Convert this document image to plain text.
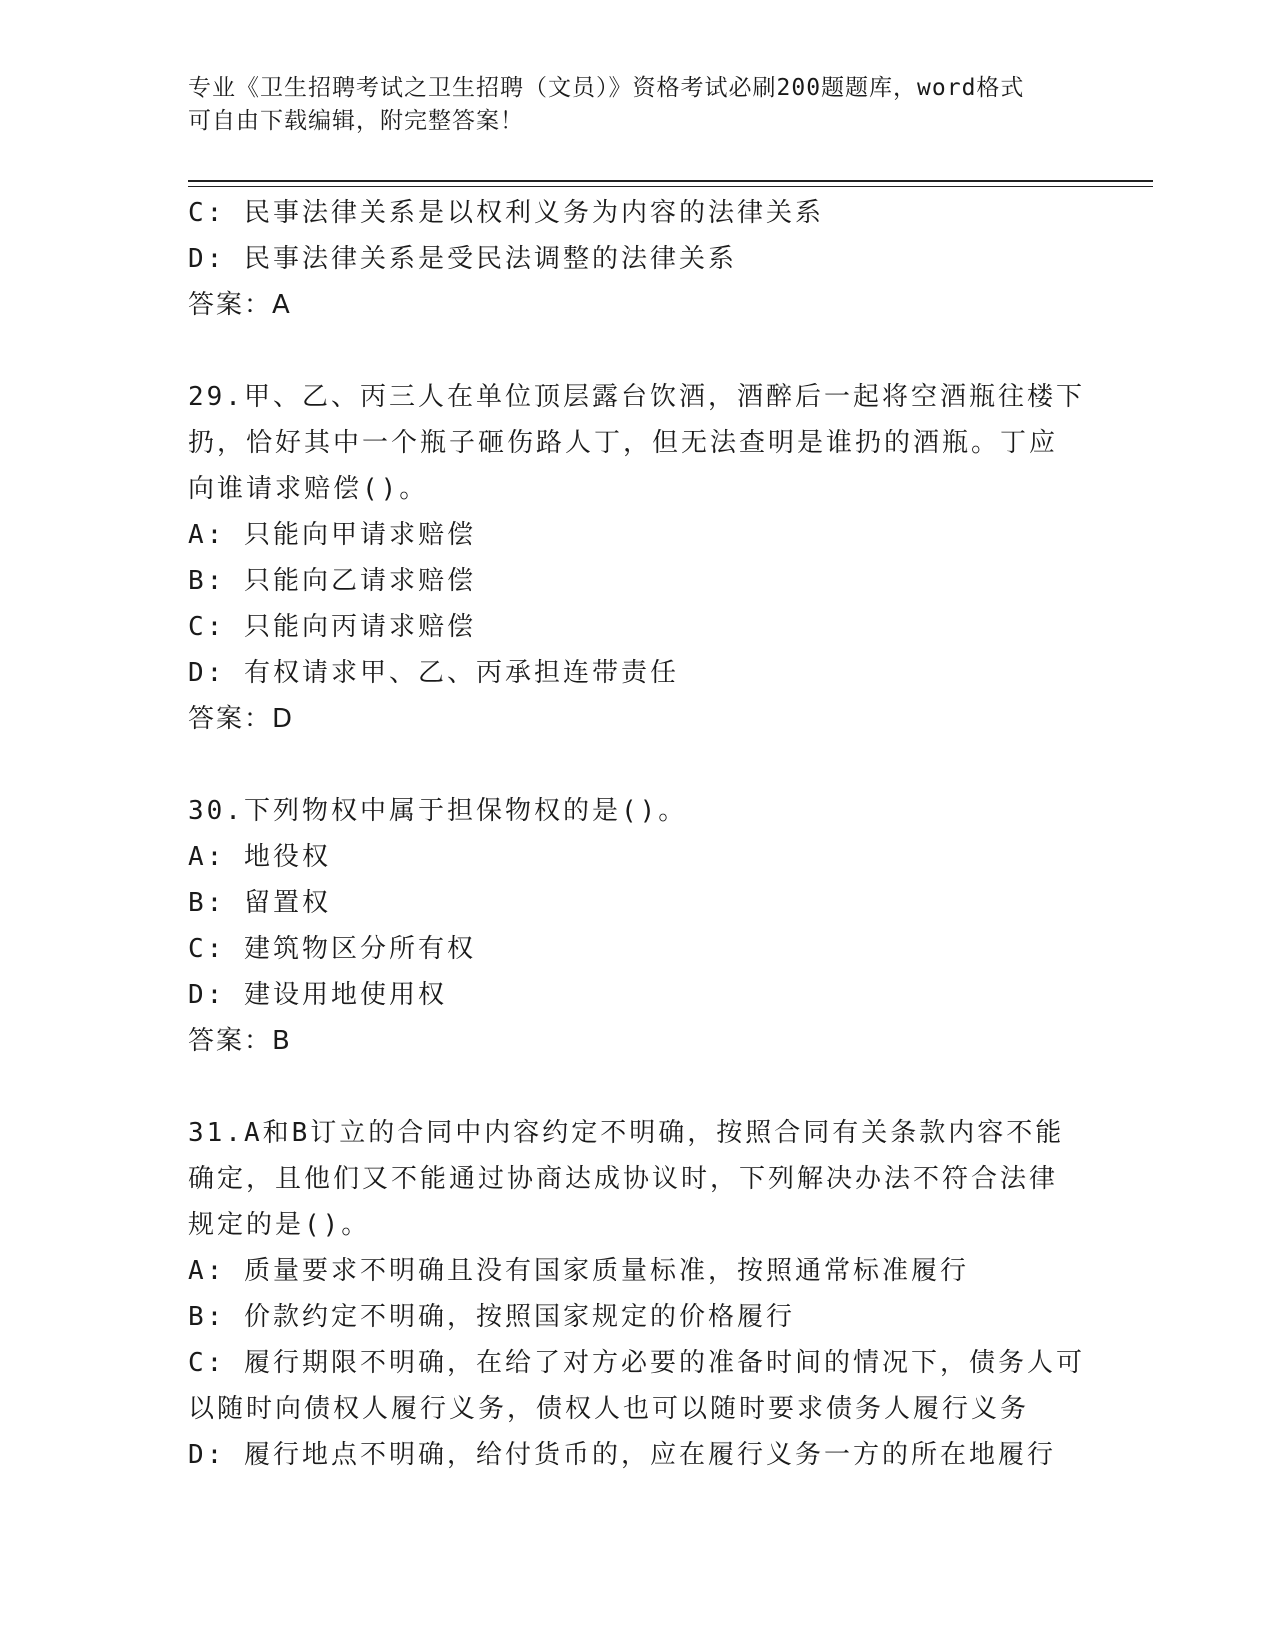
专业《卫生招聘考试之卫生招聘（文员）》资格考试必刷200题题库，word格式
可自由下载编辑，附完整答案！
C: 民事法律关系是以权利义务为内容的法律关系
D: 民事法律关系是受民法调整的法律关系
答案：A
29.甲、乙、丙三人在单位顶层露台饮酒，酒醉后一起将空酒瓶往楼下
扔，恰好其中一个瓶子砸伤路人丁，但无法查明是谁扔的酒瓶。丁应
向谁请求赔偿()。
A: 只能向甲请求赔偿
B: 只能向乙请求赔偿
C: 只能向丙请求赔偿
D: 有权请求甲、乙、丙承担连带责任
答案：D
30.下列物权中属于担保物权的是()。
A: 地役权
B: 留置权
C: 建筑物区分所有权
D: 建设用地使用权
答案：B
31.A和B订立的合同中内容约定不明确，按照合同有关条款内容不能
确定，且他们又不能通过协商达成协议时，下列解决办法不符合法律
规定的是()。
A: 质量要求不明确且没有国家质量标准，按照通常标准履行
B: 价款约定不明确，按照国家规定的价格履行
C: 履行期限不明确，在给了对方必要的准备时间的情况下，债务人可
以随时向债权人履行义务，债权人也可以随时要求债务人履行义务
D: 履行地点不明确，给付货币的，应在履行义务一方的所在地履行
